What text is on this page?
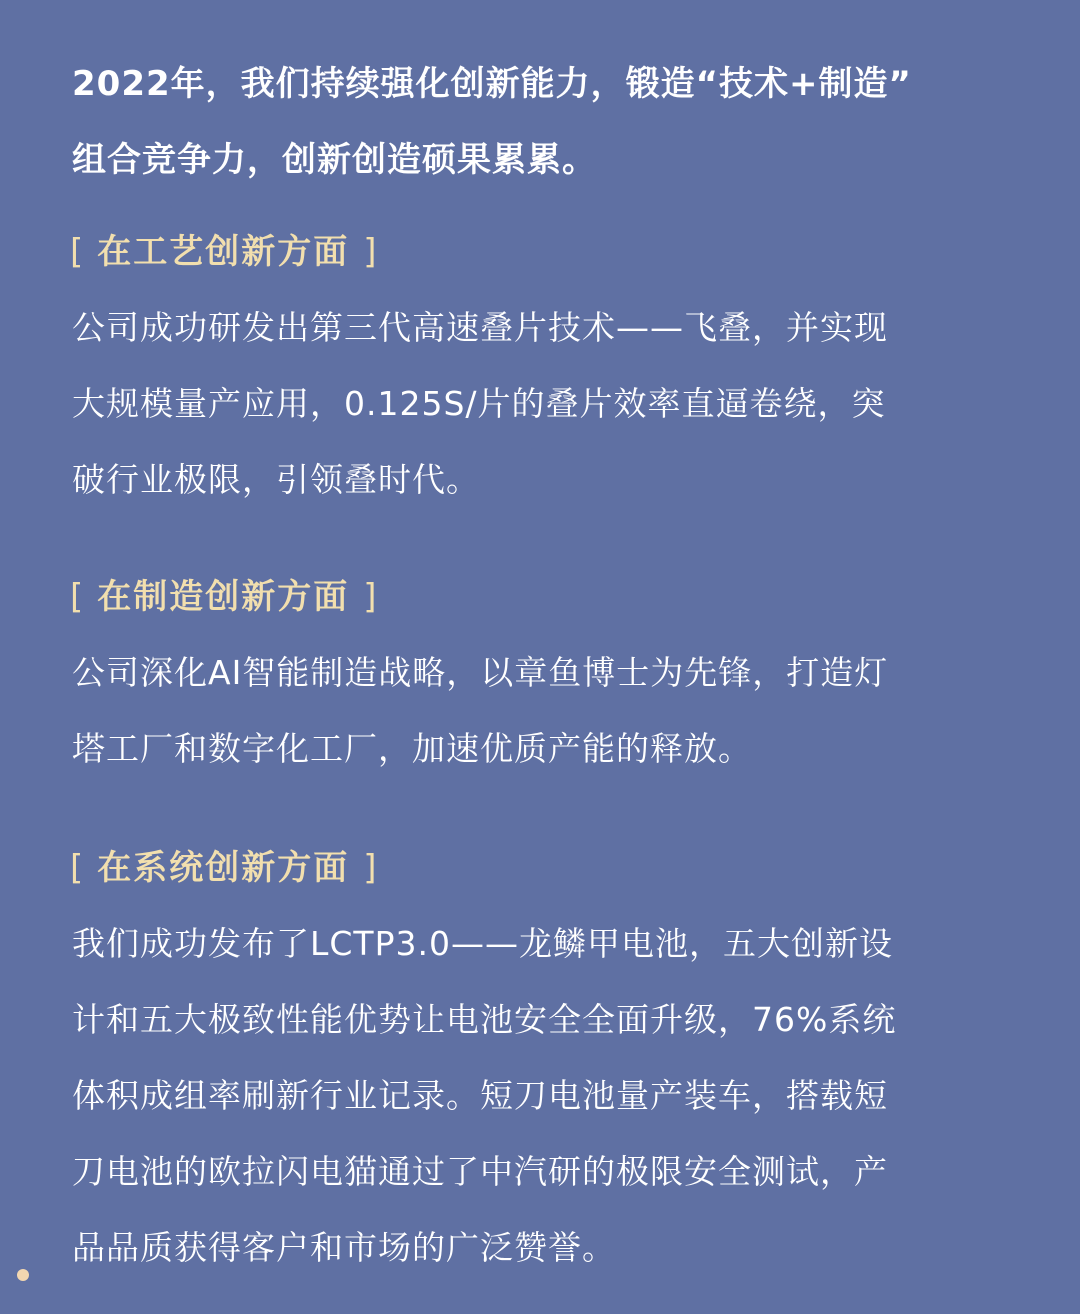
2022年，我们持续强化创新能力，锻造“技术+制造”
组合竞争力，创新创造硕果累累。
[ 在工艺创新方面 ]
公司成功研发出第三代高速叠片技术——飞叠，并实现
大规模量产应用，0.125S/片的叠片效率直逼卷绕，突
破行业极限，引领叠时代。
[ 在制造创新方面 ]
公司深化AI智能制造战略，以章鱼博士为先锋，打造灯
塔工厂和数字化工厂，加速优质产能的释放。
[ 在系统创新方面 ]
我们成功发布了LCTP3.0——龙鳞甲电池，五大创新设
计和五大极致性能优势让电池安全全面升级，76%系统
体积成组率刷新行业记录。短刀电池量产装车，搭载短
刀电池的欧拉闪电猫通过了中汽研的极限安全测试，产
品品质获得客户和市场的广泛赞誉。
